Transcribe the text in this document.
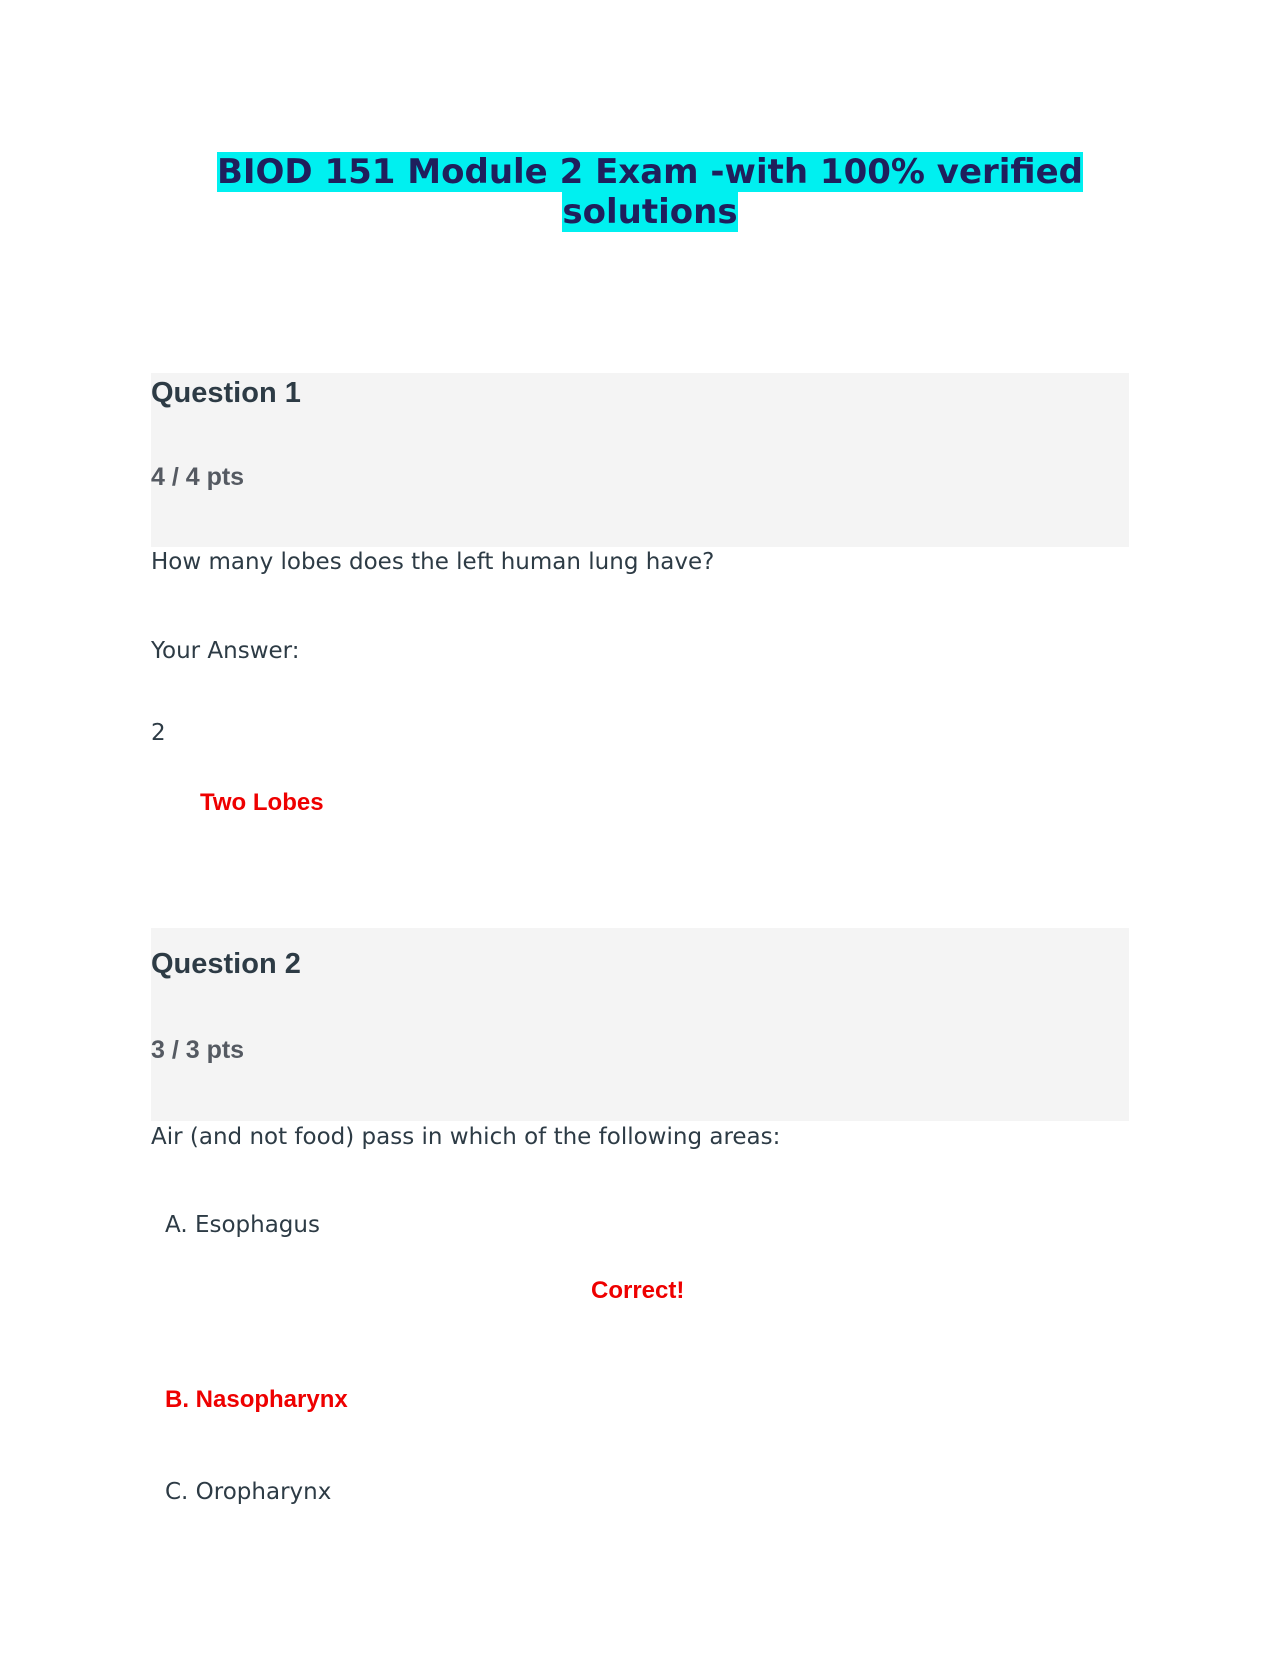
BIOD 151 Module 2 Exam -with 100% verified solutions
Question 1
4 / 4 pts
How many lobes does the left human lung have?
Your Answer:
2
Two Lobes
Question 2
3 / 3 pts
Air (and not food) pass in which of the following areas:
A. Esophagus
Correct!
B. Nasopharynx
C. Oropharynx
